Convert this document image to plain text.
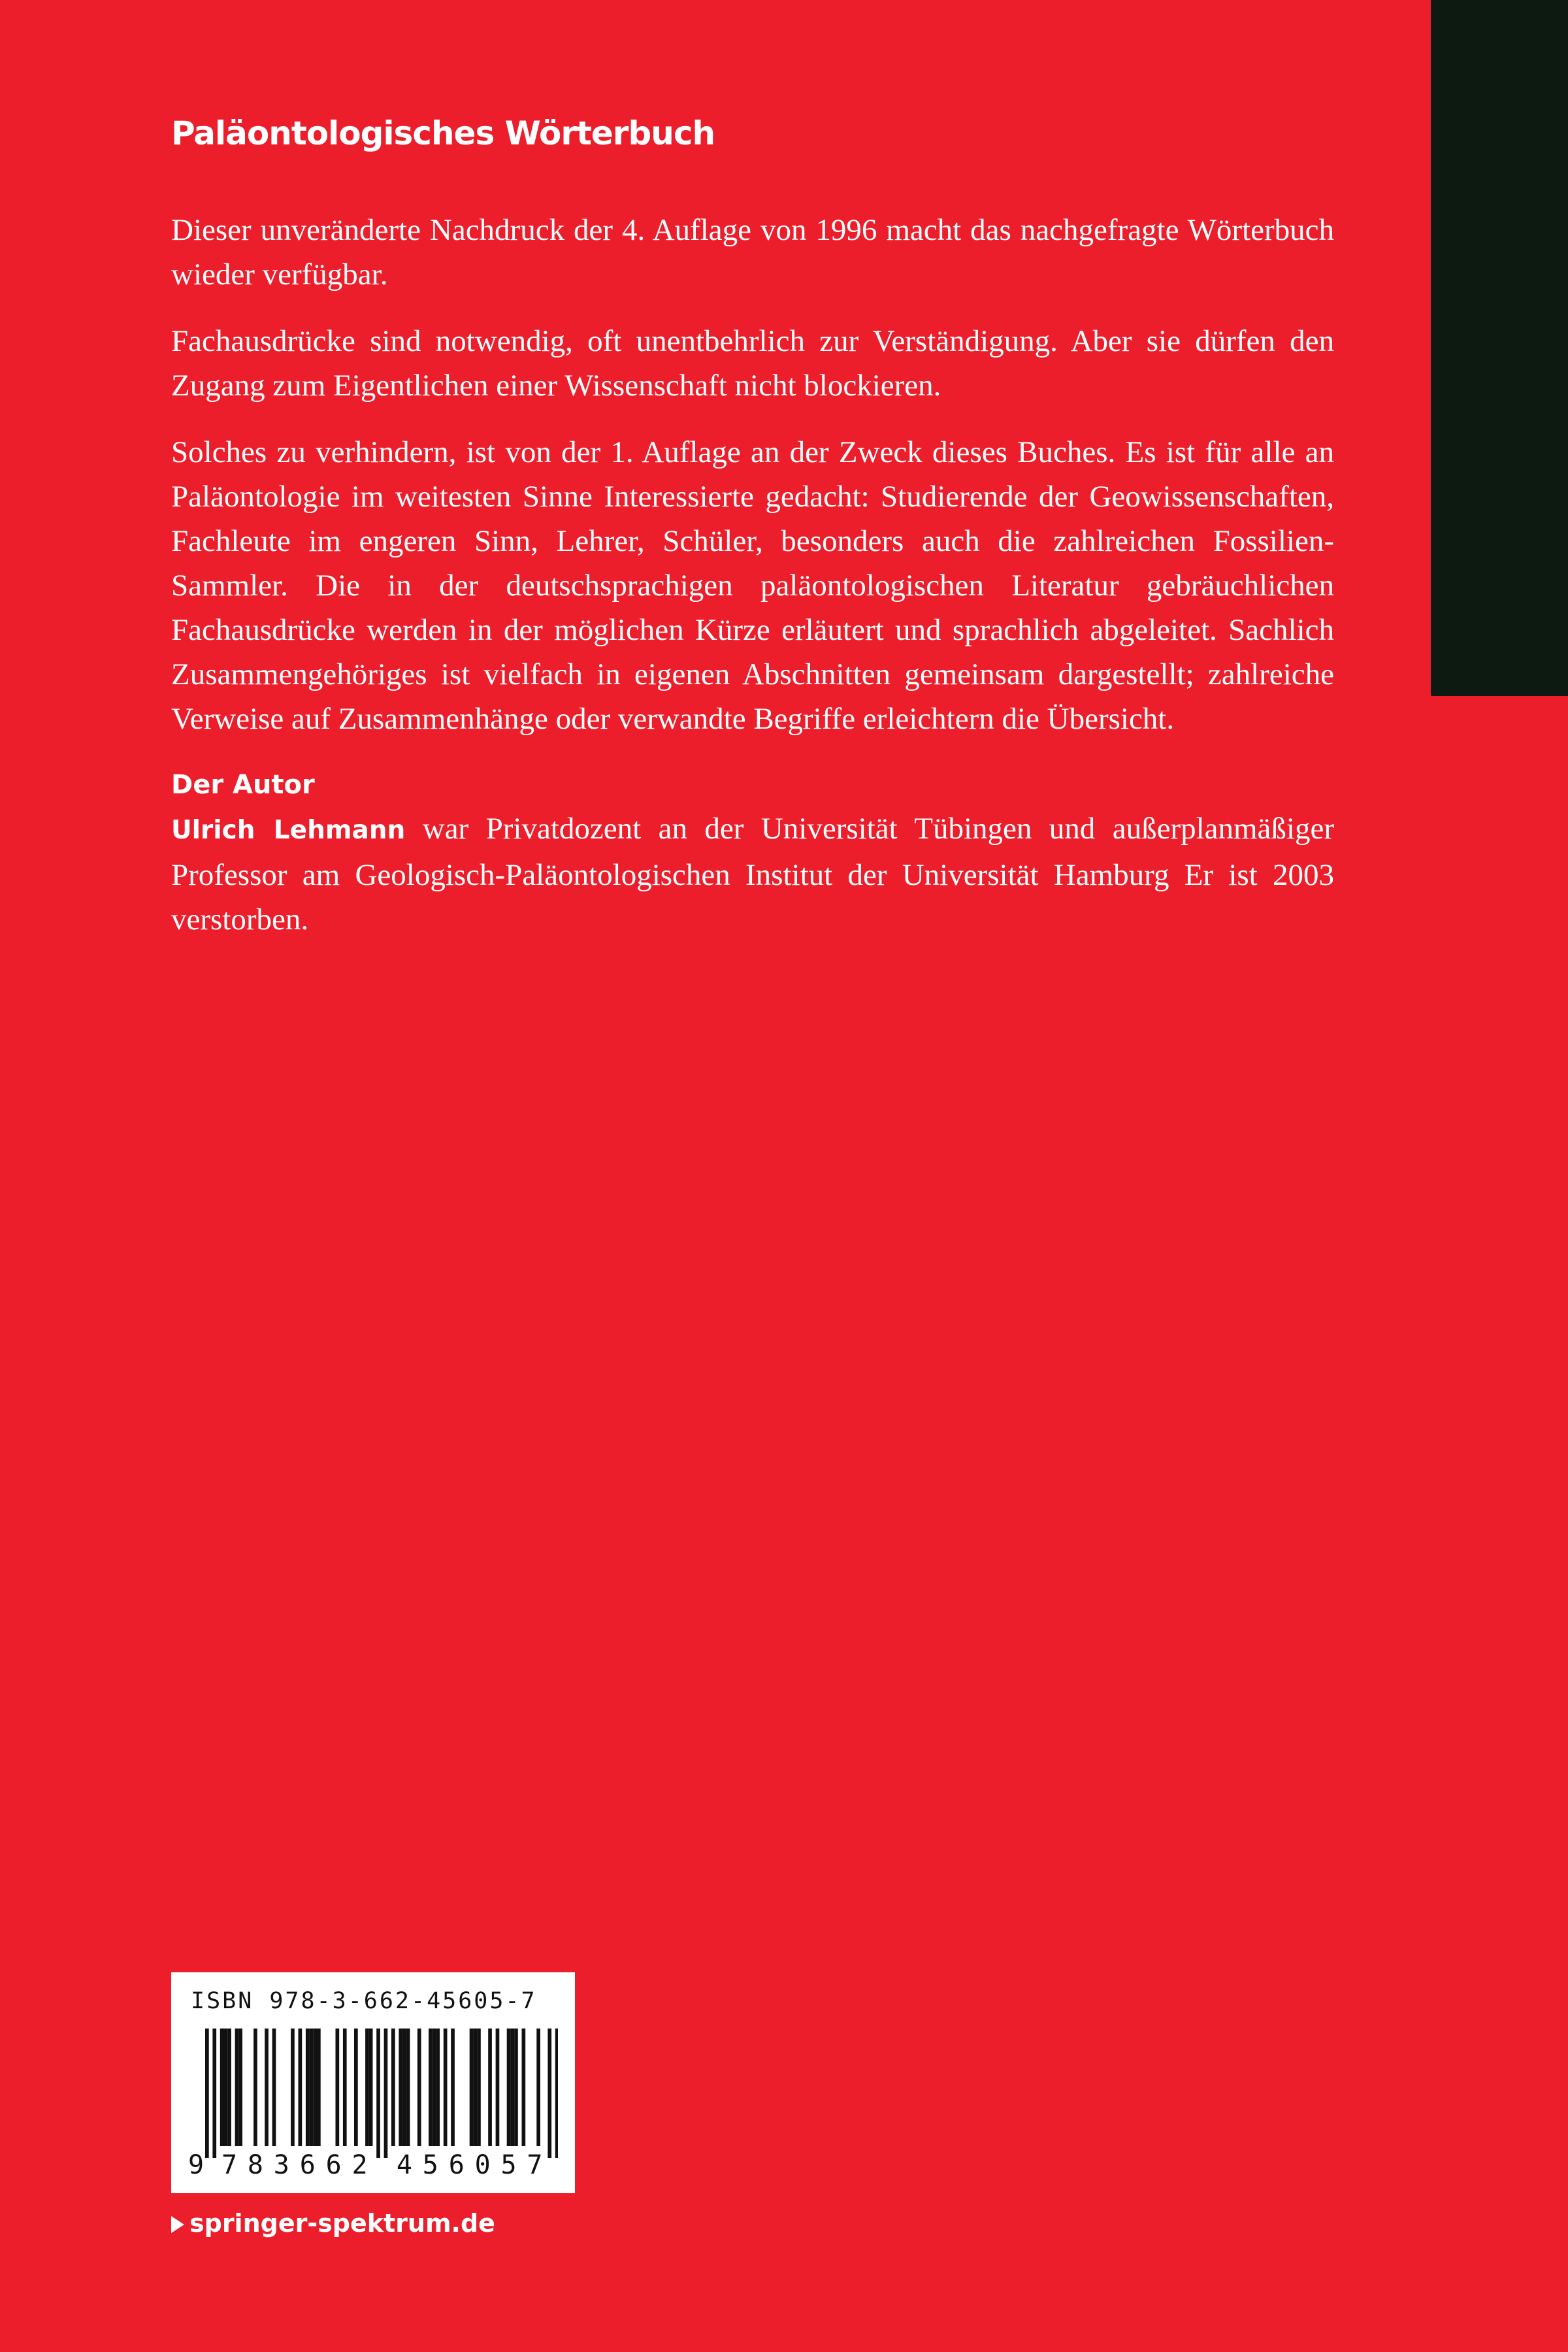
Paläontologisches Wörterbuch

Dieser unveränderte Nachdruck der 4. Auflage von 1996 macht das nachgefragte Wörterbuch wieder verfügbar.

Fachausdrücke sind notwendig, oft unentbehrlich zur Verständigung. Aber sie dürfen den Zugang zum Eigentlichen einer Wissenschaft nicht blockieren.

Solches zu verhindern, ist von der 1. Auflage an der Zweck dieses Buches. Es ist für alle an Paläontologie im weitesten Sinne Interessierte gedacht: Studierende der Geowissenschaften, Fachleute im engeren Sinn, Lehrer, Schüler, besonders auch die zahlreichen Fossilien-Sammler. Die in der deutschsprachigen paläontologischen Literatur gebräuchlichen Fachausdrücke werden in der möglichen Kürze erläutert und sprachlich abgeleitet. Sachlich Zusammengehöriges ist vielfach in eigenen Abschnitten gemeinsam dargestellt; zahlreiche Verweise auf Zusammenhänge oder verwandte Begriffe erleichtern die Übersicht.

Der Autor

Ulrich Lehmann war Privatdozent an der Universität Tübingen und außerplanmäßiger Professor am Geologisch-Paläontologischen Institut der Universität Hamburg Er ist 2003 verstorben.

ISBN 978-3-662-45605-7
9 7 8 3 6 6 2 4 5 6 0 5 7
springer-spektrum.de
